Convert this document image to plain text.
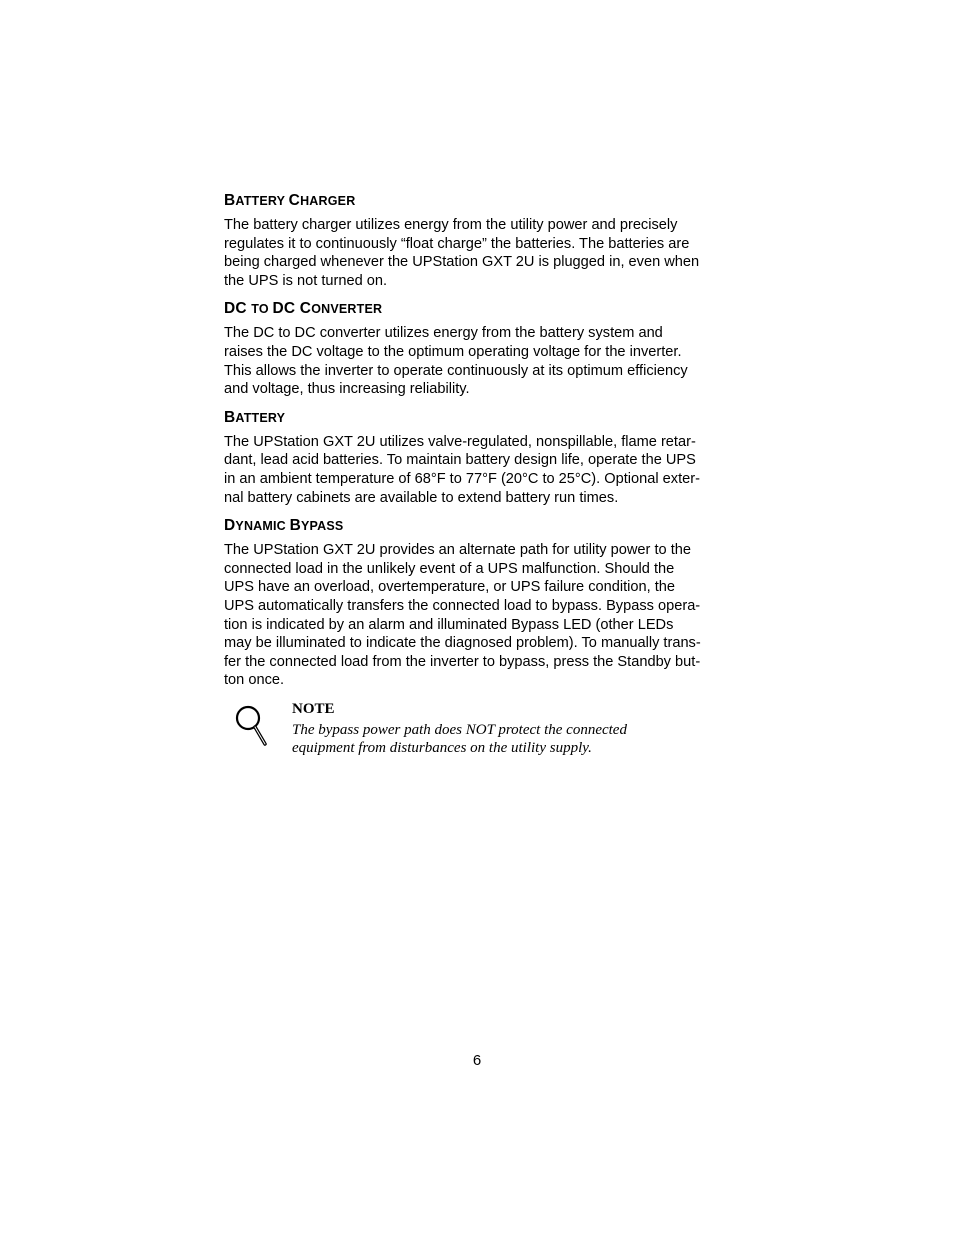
BATTERY CHARGER

The battery charger utilizes energy from the utility power and precisely
regulates it to continuously “float charge” the batteries. The batteries are
being charged whenever the UPStation GXT 2U is plugged in, even when
the UPS is not turned on.

DC TO DC CONVERTER

The DC to DC converter utilizes energy from the battery system and
raises the DC voltage to the optimum operating voltage for the inverter.
This allows the inverter to operate continuously at its optimum efficiency
and voltage, thus increasing reliability.

BATTERY

The UPStation GXT 2U utilizes valve-regulated, nonspillable, flame retar-
dant, lead acid batteries. To maintain battery design life, operate the UPS
in an ambient temperature of 68°F to 77°F (20°C to 25°C). Optional exter-
nal battery cabinets are available to extend battery run times.

DYNAMIC BYPASS

The UPStation GXT 2U provides an alternate path for utility power to the
connected load in the unlikely event of a UPS malfunction. Should the
UPS have an overload, overtemperature, or UPS failure condition, the
UPS automatically transfers the connected load to bypass. Bypass opera-
tion is indicated by an alarm and illuminated Bypass LED (other LEDs
may be illuminated to indicate the diagnosed problem). To manually trans-
fer the connected load from the inverter to bypass, press the Standby but-
ton once.

NOTE

The bypass power path does NOT protect the connected
equipment from disturbances on the utility supply.

6
